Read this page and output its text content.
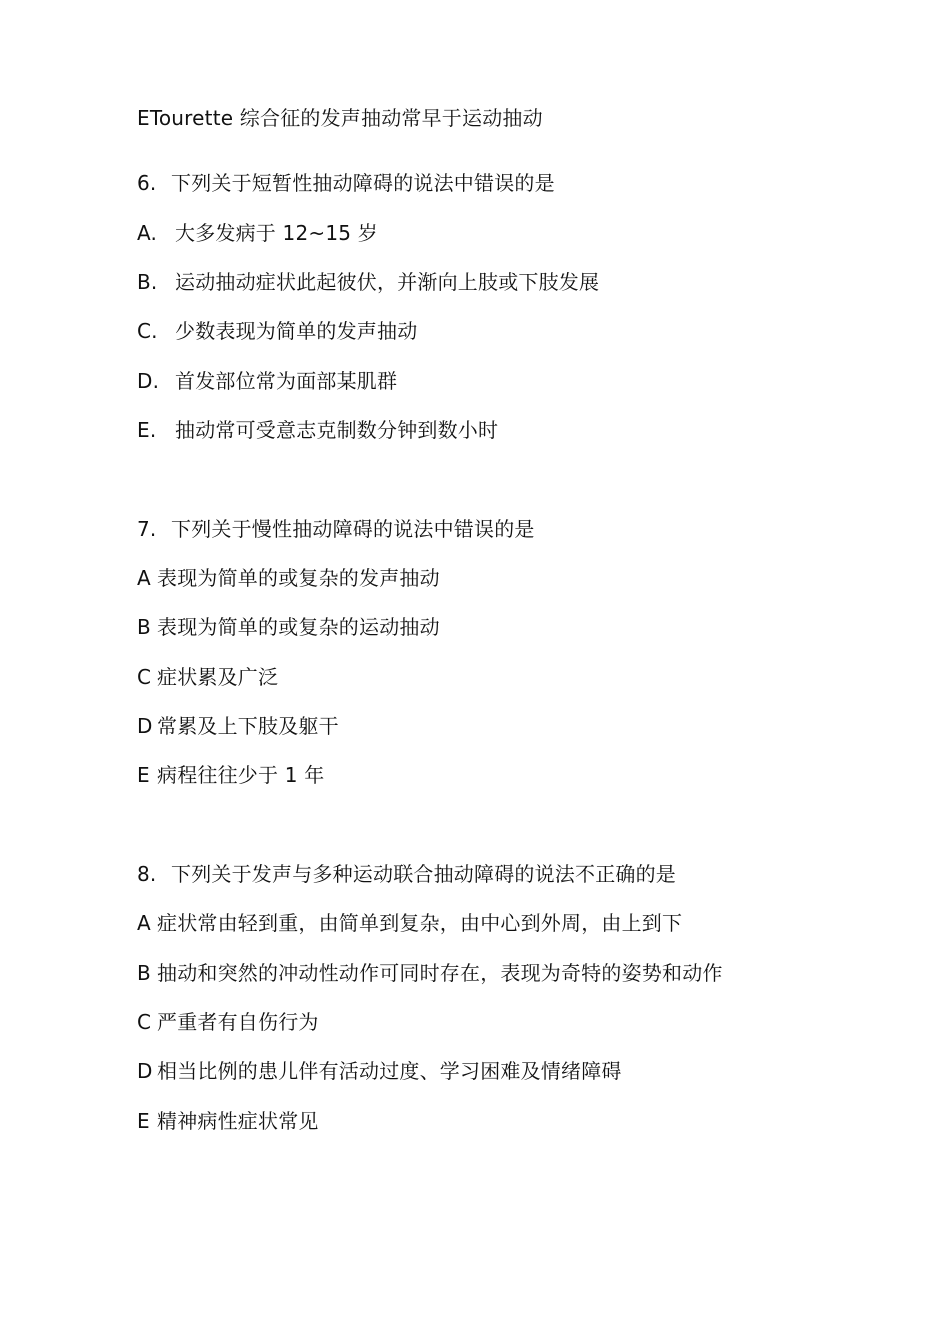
ETourette 综合征的发声抽动常早于运动抽动
6. 下列关于短暂性抽动障碍的说法中错误的是
A. 大多发病于 12~15 岁
B. 运动抽动症状此起彼伏，并渐向上肢或下肢发展
C. 少数表现为简单的发声抽动
D. 首发部位常为面部某肌群
E. 抽动常可受意志克制数分钟到数小时
7. 下列关于慢性抽动障碍的说法中错误的是
A 表现为简单的或复杂的发声抽动
B 表现为简单的或复杂的运动抽动
C 症状累及广泛
D 常累及上下肢及躯干
E 病程往往少于 1 年
8. 下列关于发声与多种运动联合抽动障碍的说法不正确的是
A 症状常由轻到重，由简单到复杂，由中心到外周，由上到下
B 抽动和突然的冲动性动作可同时存在，表现为奇特的姿势和动作
C 严重者有自伤行为
D 相当比例的患儿伴有活动过度、学习困难及情绪障碍
E 精神病性症状常见
